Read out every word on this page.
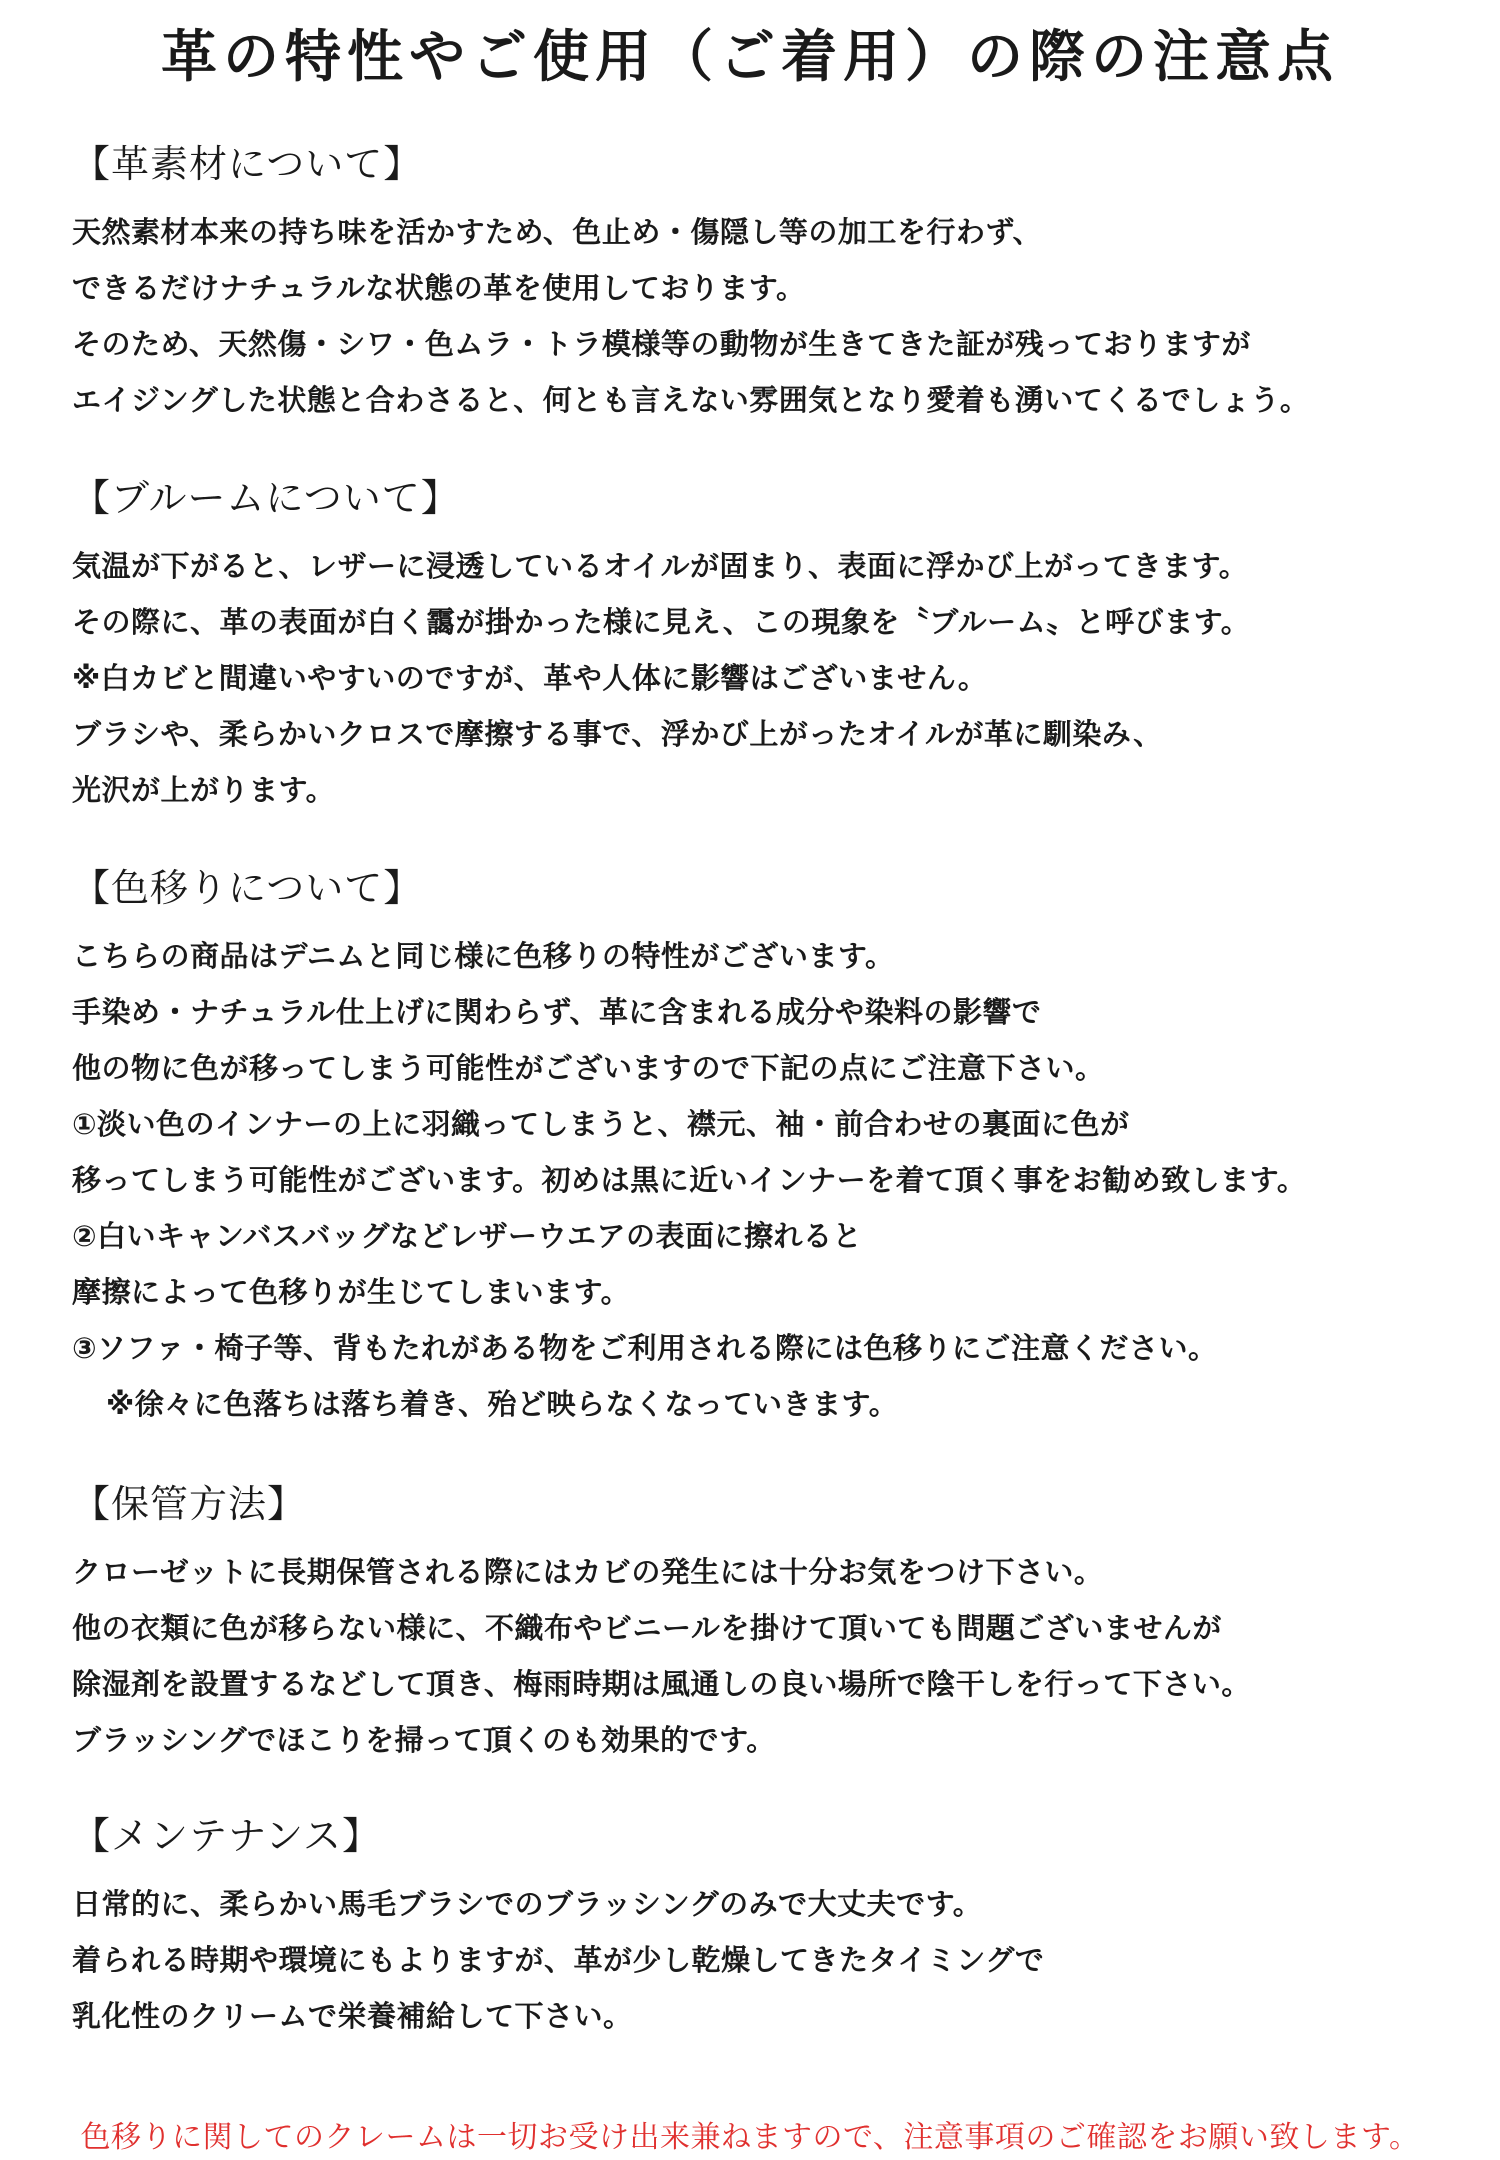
革の特性やご使用（ご着用）の際の注意点
【革素材について】
天然素材本来の持ち味を活かすため、色止め・傷隠し等の加工を行わず、
できるだけナチュラルな状態の革を使用しております。
そのため、天然傷・シワ・色ムラ・トラ模様等の動物が生きてきた証が残っておりますが
エイジングした状態と合わさると、何とも言えない雰囲気となり愛着も湧いてくるでしょう。
【ブルームについて】
気温が下がると、レザーに浸透しているオイルが固まり、表面に浮かび上がってきます。
その際に、革の表面が白く靄が掛かった様に見え、この現象を〝ブルーム〟と呼びます。
※白カビと間違いやすいのですが、革や人体に影響はございません。
ブラシや、柔らかいクロスで摩擦する事で、浮かび上がったオイルが革に馴染み、
光沢が上がります。
【色移りについて】
こちらの商品はデニムと同じ様に色移りの特性がございます。
手染め・ナチュラル仕上げに関わらず、革に含まれる成分や染料の影響で
他の物に色が移ってしまう可能性がございますので下記の点にご注意下さい。
①淡い色のインナーの上に羽織ってしまうと、襟元、袖・前合わせの裏面に色が
移ってしまう可能性がございます。初めは黒に近いインナーを着て頂く事をお勧め致します。
②白いキャンバスバッグなどレザーウエアの表面に擦れると
摩擦によって色移りが生じてしまいます。
③ソファ・椅子等、背もたれがある物をご利用される際には色移りにご注意ください。
※徐々に色落ちは落ち着き、殆ど映らなくなっていきます。
【保管方法】
クローゼットに長期保管される際にはカビの発生には十分お気をつけ下さい。
他の衣類に色が移らない様に、不織布やビニールを掛けて頂いても問題ございませんが
除湿剤を設置するなどして頂き、梅雨時期は風通しの良い場所で陰干しを行って下さい。
ブラッシングでほこりを掃って頂くのも効果的です。
【メンテナンス】
日常的に、柔らかい馬毛ブラシでのブラッシングのみで大丈夫です。
着られる時期や環境にもよりますが、革が少し乾燥してきたタイミングで
乳化性のクリームで栄養補給して下さい。

色移りに関してのクレームは一切お受け出来兼ねますので、注意事項のご確認をお願い致します。
